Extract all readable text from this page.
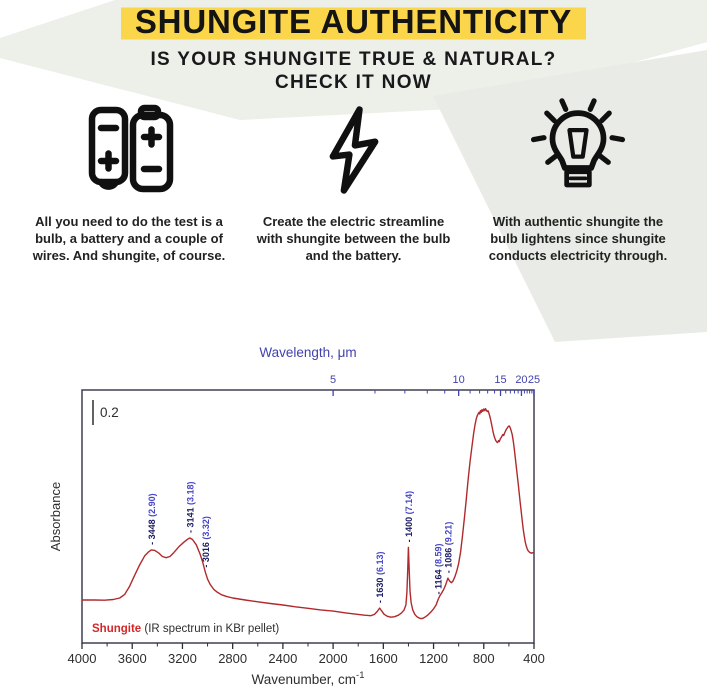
SHUNGITE AUTHENTICITY
IS YOUR SHUNGITE TRUE & NATURAL?
CHECK IT NOW

All you need to do the test is a bulb, a battery and a couple of wires. And shungite, of course.

Create the electric streamline with shungite between the bulb and the battery.

With authentic shungite the bulb lightens since shungite conducts electricity through.

5	10	15 20 25
Wavelength, μm
4000 3600 3200 2800 2400 2000 1600 1200 800 400
Wavenumber, $cm^{-1}$
Absorbance
0.2
- 3448 (2.90)	- 3141 (3.18)
- 3016 (3.32)
- 1630 (6.13)
- 1400 (7.14)
- 1164 (8.59) - 1086 (9.21)
Shungite (IR spectrum in KBr pellet)
